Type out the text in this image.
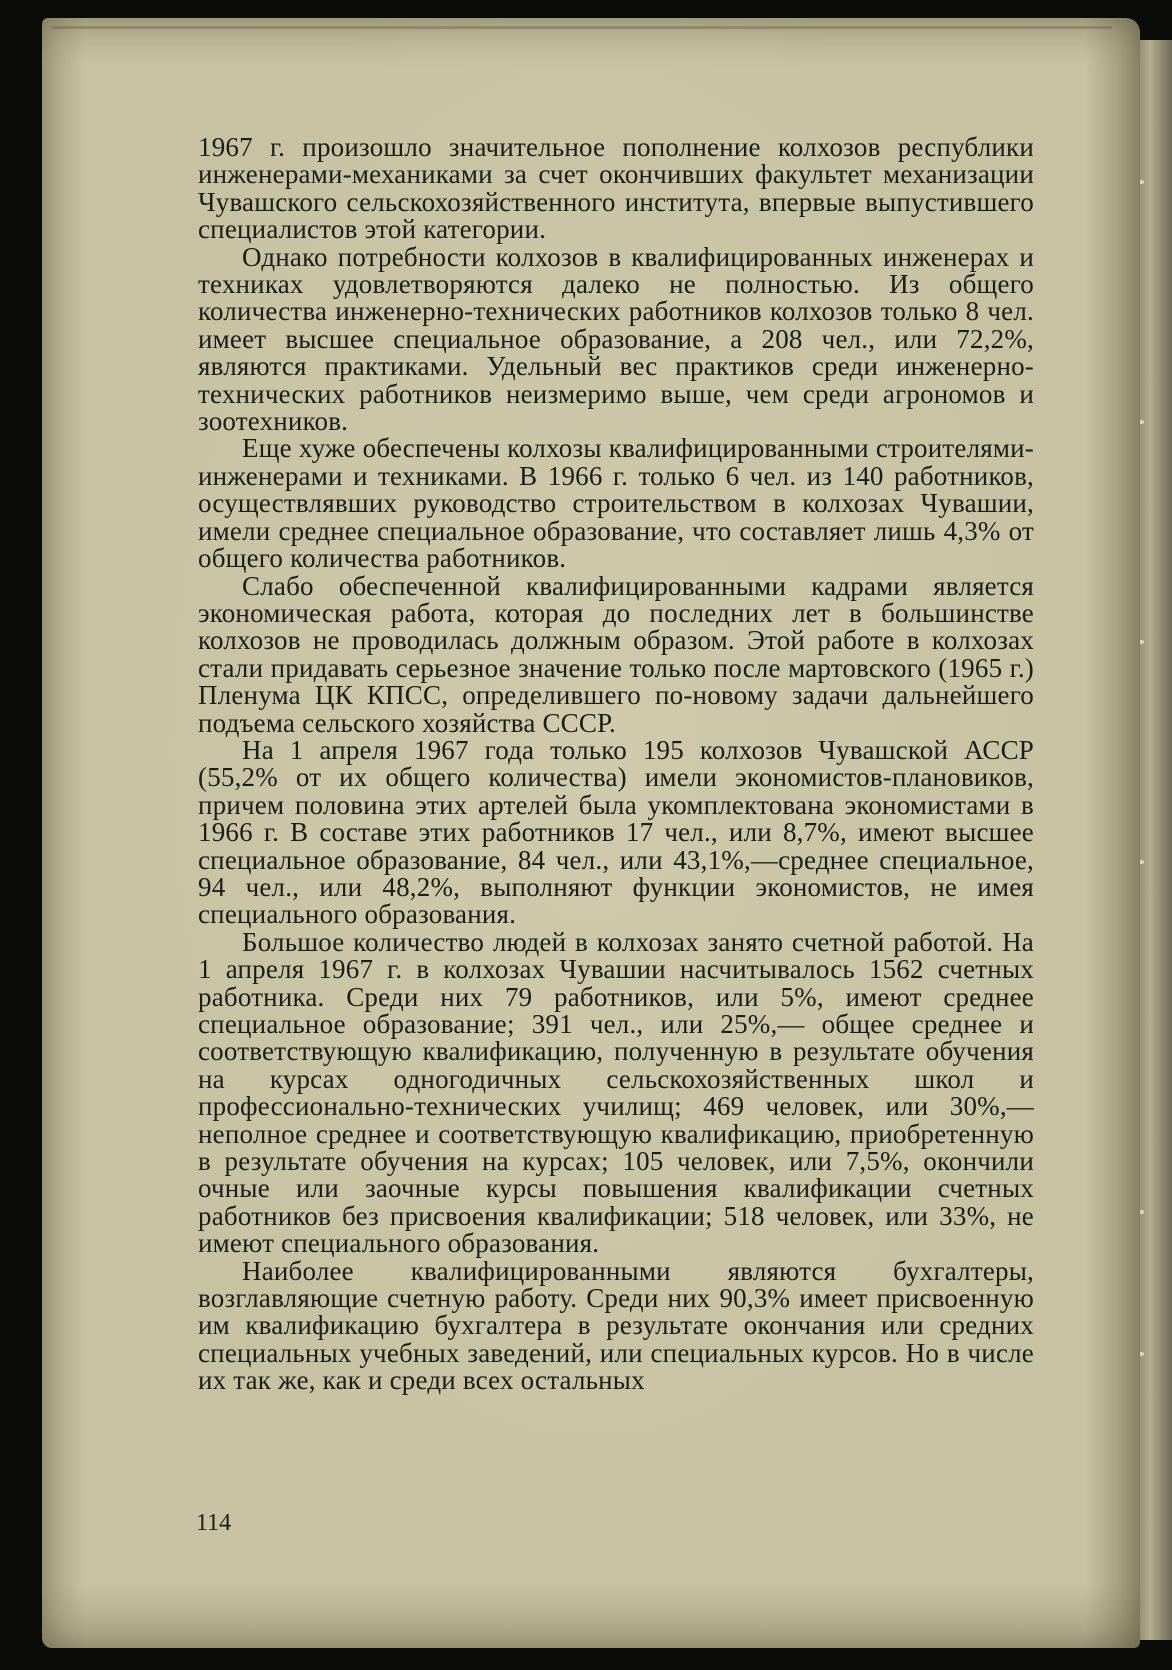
1967 г. произошло значительное пополнение колхозов республики инженерами-механиками за счет окончивших факультет механизации Чувашского сельскохозяйственного института, впервые выпустившего специалистов этой категории.

Однако потребности колхозов в квалифицированных инженерах и техниках удовлетворяются далеко не полностью. Из общего количества инженерно-технических работников колхозов только 8 чел. имеет высшее специальное образование, а 208 чел., или 72,2%, являются практиками. Удельный вес практиков среди инженерно-технических работников неизмеримо выше, чем среди агрономов и зоотехников.

Еще хуже обеспечены колхозы квалифицированными строителями-инженерами и техниками. В 1966 г. только 6 чел. из 140 работников, осуществлявших руководство строительством в колхозах Чувашии, имели среднее специальное образование, что составляет лишь 4,3% от общего количества работников.

Слабо обеспеченной квалифицированными кадрами является экономическая работа, которая до последних лет в большинстве колхозов не проводилась должным образом. Этой работе в колхозах стали придавать серьезное значение только после мартовского (1965 г.) Пленума ЦК КПСС, определившего по-новому задачи дальнейшего подъема сельского хозяйства СССР.

На 1 апреля 1967 года только 195 колхозов Чувашской АССР (55,2% от их общего количества) имели экономистов-плановиков, причем половина этих артелей была укомплектована экономистами в 1966 г. В составе этих работников 17 чел., или 8,7%, имеют высшее специальное образование, 84 чел., или 43,1%,—среднее специальное, 94 чел., или 48,2%, выполняют функции экономистов, не имея специального образования.

Большое количество людей в колхозах занято счетной работой. На 1 апреля 1967 г. в колхозах Чувашии насчитывалось 1562 счетных работника. Среди них 79 работников, или 5%, имеют среднее специальное образование; 391 чел., или 25%,— общее среднее и соответствующую квалификацию, полученную в результате обучения на курсах одногодичных сельскохозяйственных школ и профессионально-технических училищ; 469 человек, или 30%,— неполное среднее и соответствующую квалификацию, приобретенную в результате обучения на курсах; 105 человек, или 7,5%, окончили очные или заочные курсы повышения квалификации счетных работников без присвоения квалификации; 518 человек, или 33%, не имеют специального образования.

Наиболее квалифицированными являются бухгалтеры, возглавляющие счетную работу. Среди них 90,3% имеет присвоенную им квалификацию бухгалтера в результате окончания или средних специальных учебных заведений, или специальных курсов. Но в числе их так же, как и среди всех остальных

114
